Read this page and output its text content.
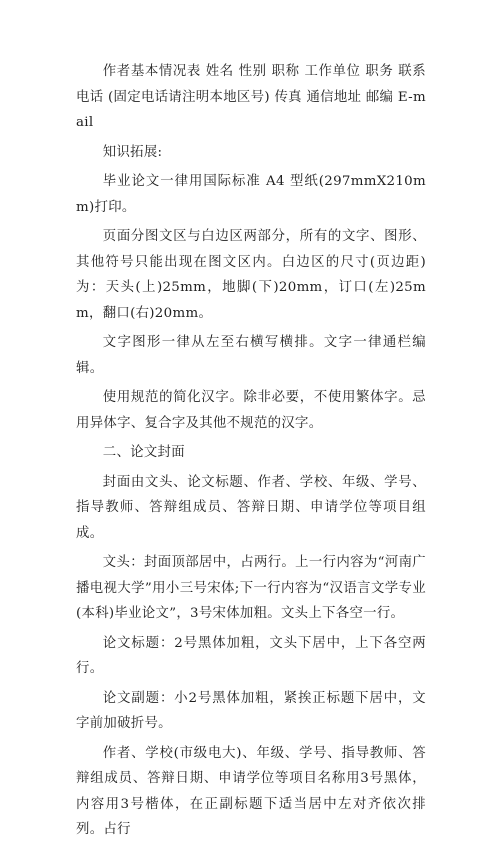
作者基本情况表 姓名 性别 职称 工作单位 职务 联系电话 (固定电话请注明本地区号) 传真 通信地址 邮编 E-mail

知识拓展:

毕业论文一律用国际标准 A4 型纸(297mmX210mm)打印。

页面分图文区与白边区两部分，所有的文字、图形、其他符号只能出现在图文区内。白边区的尺寸(页边距)为：天头(上)25mm，地脚(下)20mm，订口(左)25mm，翻口(右)20mm。

文字图形一律从左至右横写横排。文字一律通栏编辑。

使用规范的简化汉字。除非必要，不使用繁体字。忌用异体字、复合字及其他不规范的汉字。

二、论文封面

封面由文头、论文标题、作者、学校、年级、学号、指导教师、答辩组成员、答辩日期、申请学位等项目组成。

文头：封面顶部居中，占两行。上一行内容为“河南广播电视大学”用小三号宋体;下一行内容为“汉语言文学专业(本科)毕业论文”，3号宋体加粗。文头上下各空一行。

论文标题：2号黑体加粗，文头下居中，上下各空两行。

论文副题：小2号黑体加粗，紧挨正标题下居中，文字前加破折号。

作者、学校(市级电大)、年级、学号、指导教师、答辩组成员、答辩日期、申请学位等项目名称用3号黑体，内容用3号楷体，在正副标题下适当居中左对齐依次排列。占行
